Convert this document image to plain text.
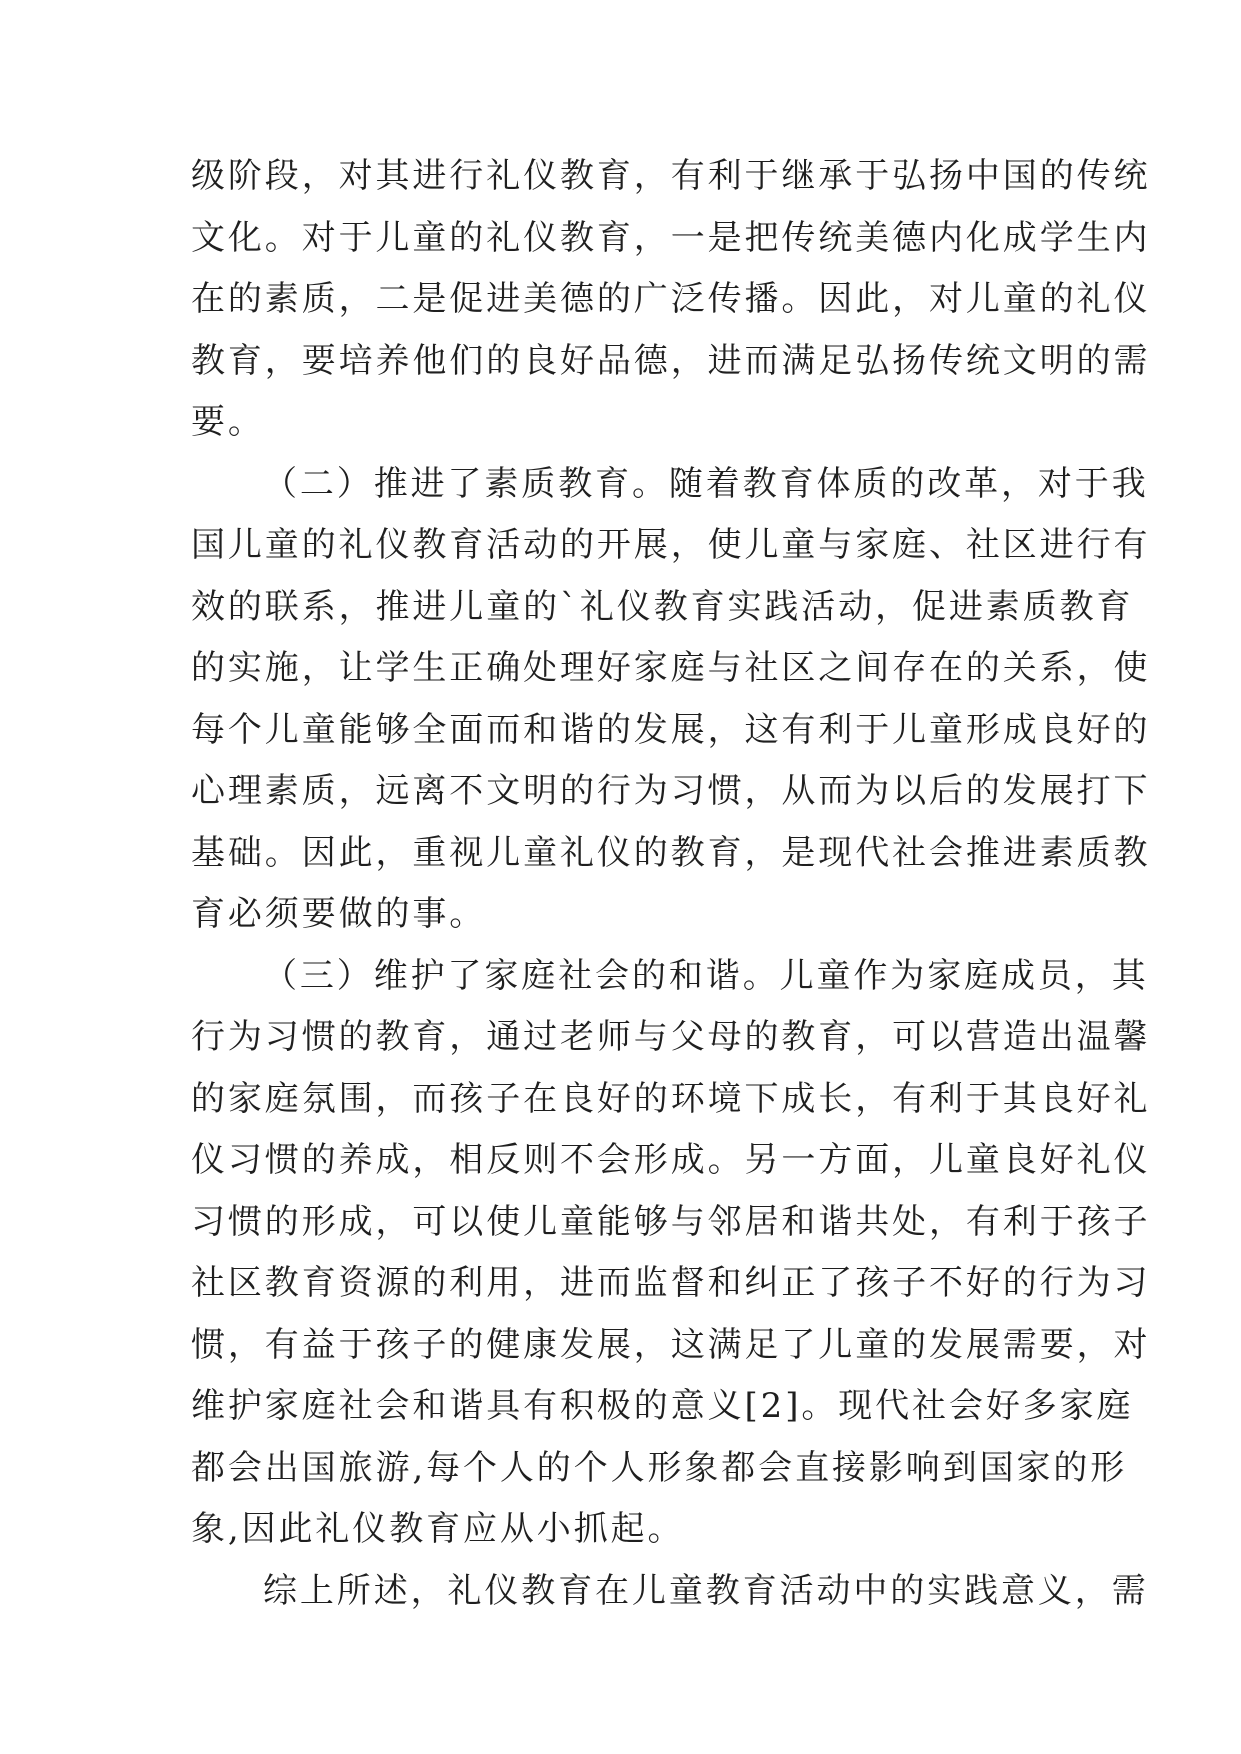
级阶段，对其进行礼仪教育，有利于继承于弘扬中国的传统
文化。对于儿童的礼仪教育，一是把传统美德内化成学生内
在的素质，二是促进美德的广泛传播。因此，对儿童的礼仪
教育，要培养他们的良好品德，进而满足弘扬传统文明的需
要。
（二）推进了素质教育。随着教育体质的改革，对于我
国儿童的礼仪教育活动的开展，使儿童与家庭、社区进行有
效的联系，推进儿童的`礼仪教育实践活动，促进素质教育
的实施，让学生正确处理好家庭与社区之间存在的关系，使
每个儿童能够全面而和谐的发展，这有利于儿童形成良好的
心理素质，远离不文明的行为习惯，从而为以后的发展打下
基础。因此，重视儿童礼仪的教育，是现代社会推进素质教
育必须要做的事。
（三）维护了家庭社会的和谐。儿童作为家庭成员，其
行为习惯的教育，通过老师与父母的教育，可以营造出温馨
的家庭氛围，而孩子在良好的环境下成长，有利于其良好礼
仪习惯的养成，相反则不会形成。另一方面，儿童良好礼仪
习惯的形成，可以使儿童能够与邻居和谐共处，有利于孩子
社区教育资源的利用，进而监督和纠正了孩子不好的行为习
惯，有益于孩子的健康发展，这满足了儿童的发展需要，对
维护家庭社会和谐具有积极的意义[2]。现代社会好多家庭
都会出国旅游,每个人的个人形象都会直接影响到国家的形
象,因此礼仪教育应从小抓起。
综上所述，礼仪教育在儿童教育活动中的实践意义，需
